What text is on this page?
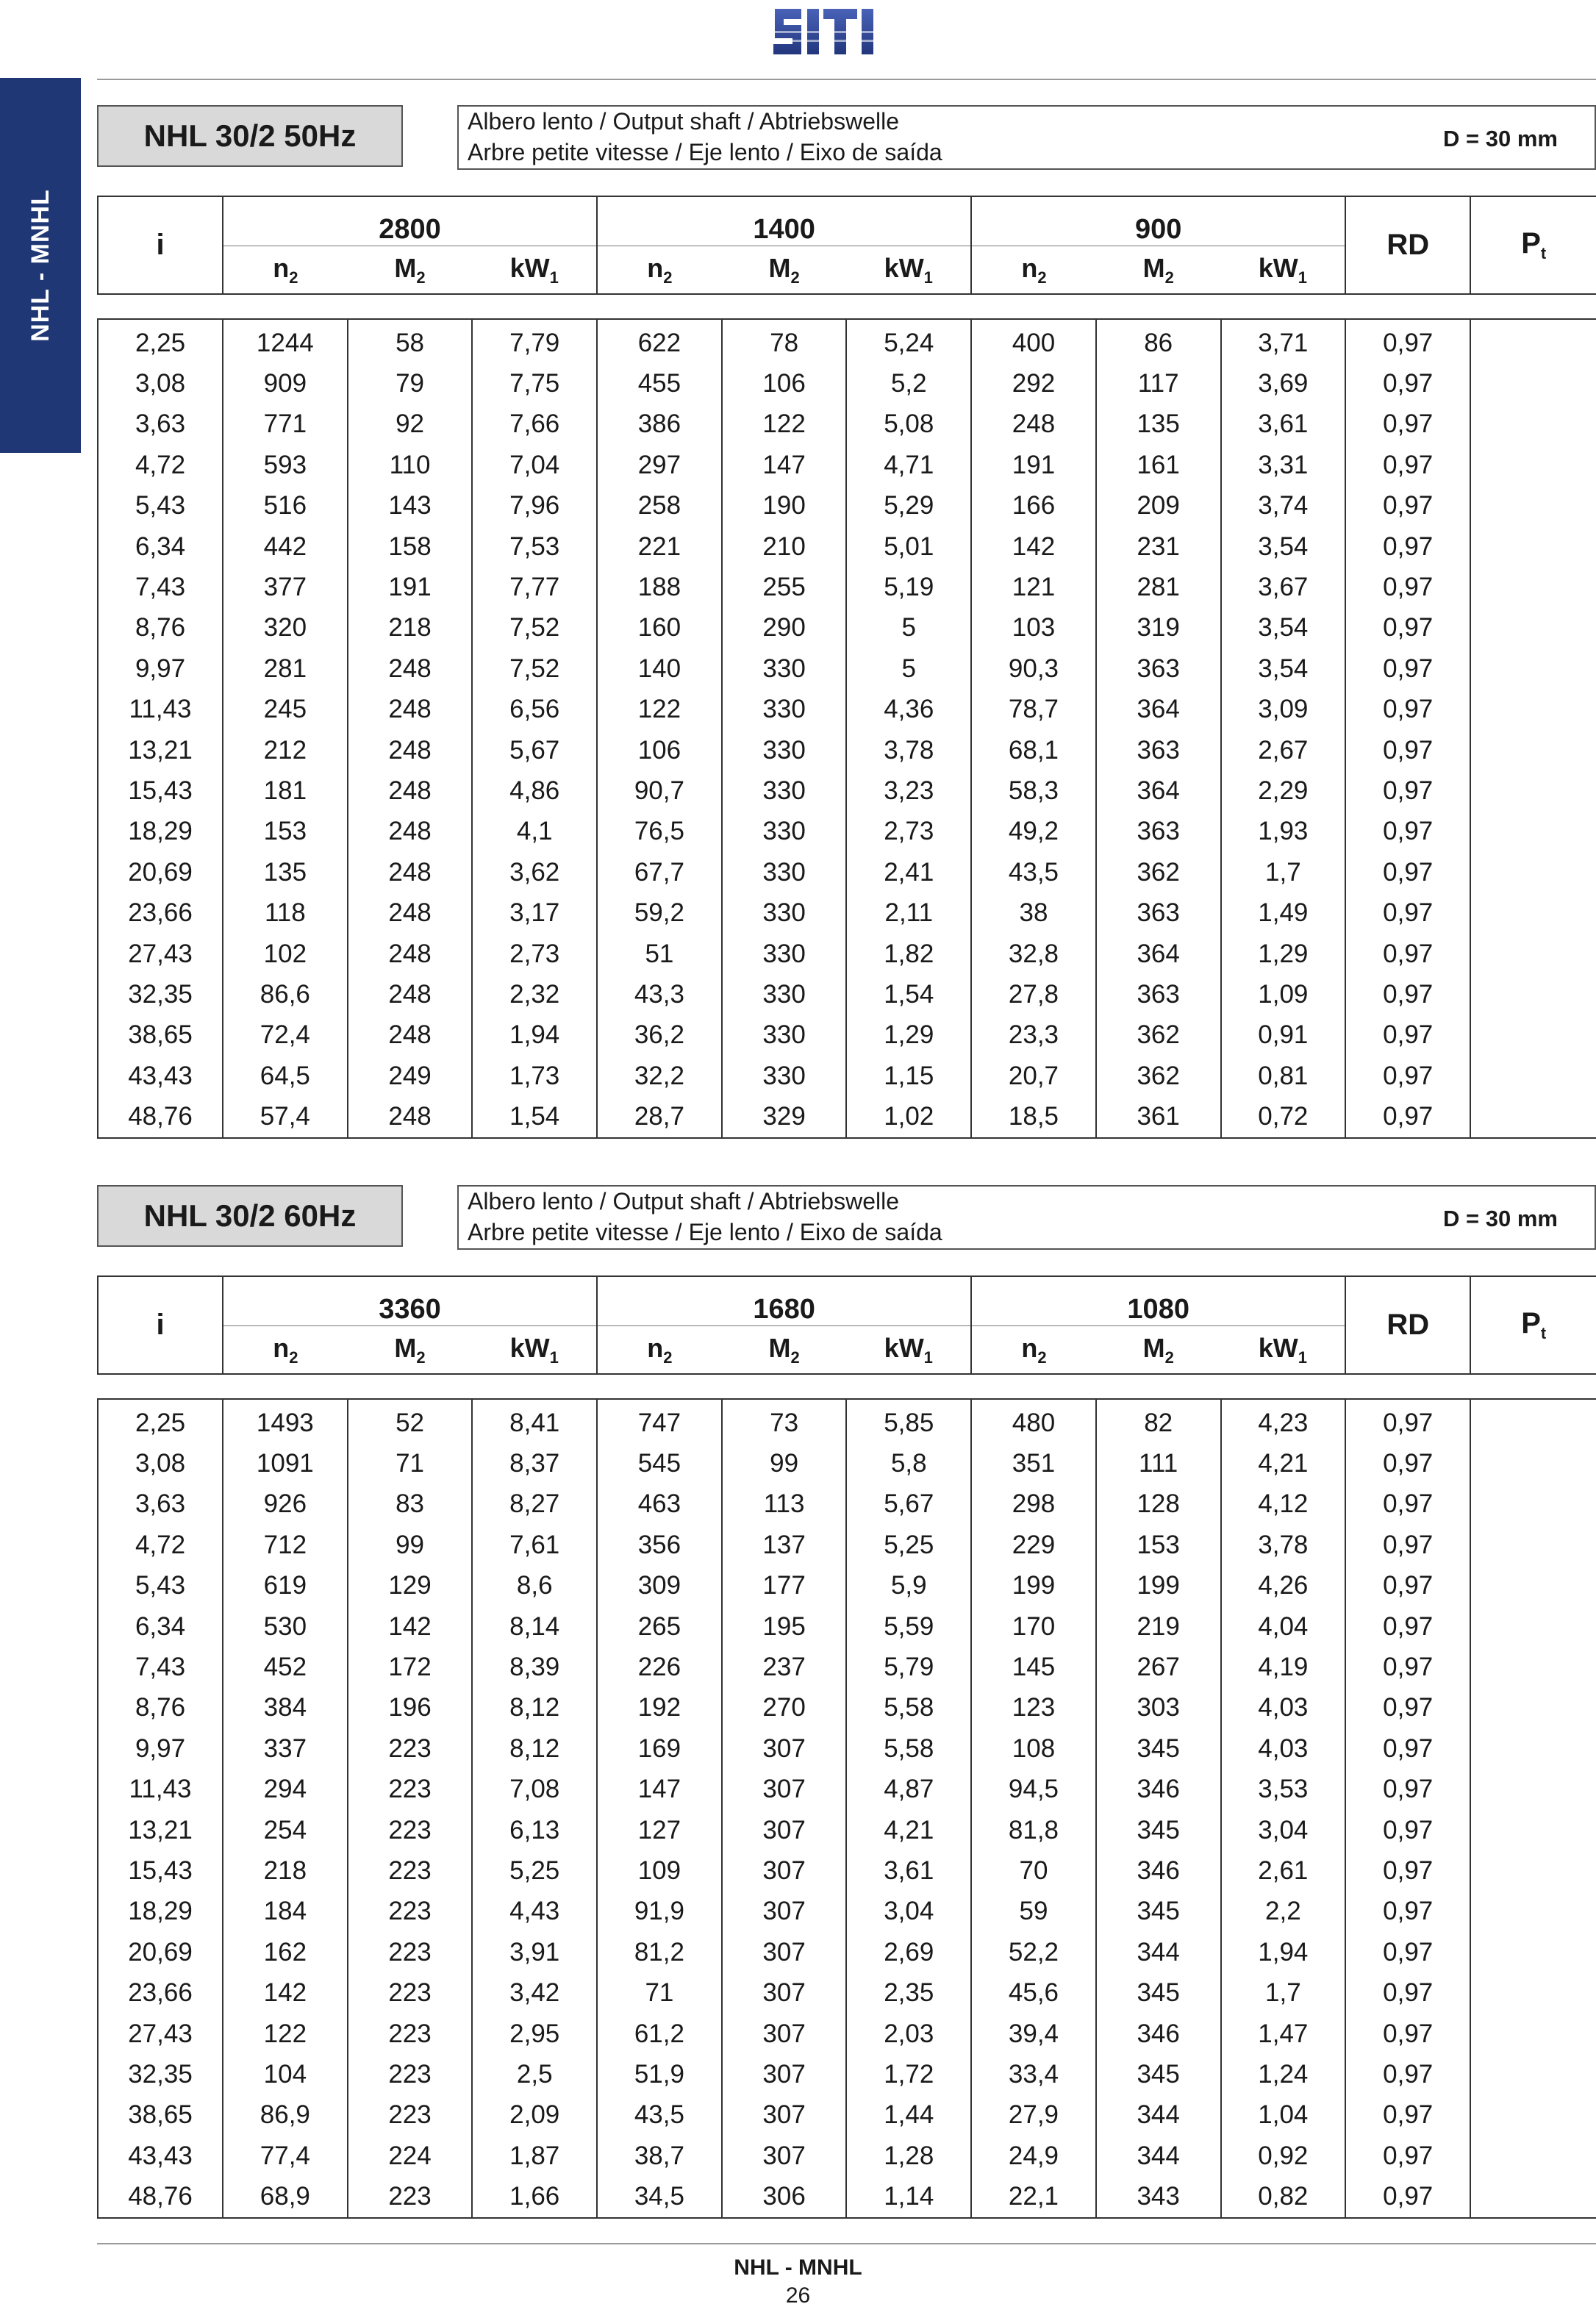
NHL - MNHL
NHL 30/2 50Hz	Albero lento / Output shaft / Abtriebswelle
Arbre petite vitesse / Eje lento / Eixo de saída
D = 30 mm
i	2800			1400			900			RD	$P_t$
	$n_2$	$M_2$	$kW_1$	$n_2$	$M_2$	$kW_1$	$n_2$	$M_2$	$kW_1$
2,25	1244	58	7,79	622	78	5,24	400	86	3,71	0,97	
3,08	909	79	7,75	455	106	5,2	292	117	3,69	0,97	
3,63	771	92	7,66	386	122	5,08	248	135	3,61	0,97	
4,72	593	110	7,04	297	147	4,71	191	161	3,31	0,97	
5,43	516	143	7,96	258	190	5,29	166	209	3,74	0,97	
6,34	442	158	7,53	221	210	5,01	142	231	3,54	0,97	
7,43	377	191	7,77	188	255	5,19	121	281	3,67	0,97	
8,76	320	218	7,52	160	290	5	103	319	3,54	0,97	
9,97	281	248	7,52	140	330	5	90,3	363	3,54	0,97	
11,43	245	248	6,56	122	330	4,36	78,7	364	3,09	0,97	
13,21	212	248	5,67	106	330	3,78	68,1	363	2,67	0,97	
15,43	181	248	4,86	90,7	330	3,23	58,3	364	2,29	0,97	
18,29	153	248	4,1	76,5	330	2,73	49,2	363	1,93	0,97	
20,69	135	248	3,62	67,7	330	2,41	43,5	362	1,7	0,97	
23,66	118	248	3,17	59,2	330	2,11	38	363	1,49	0,97	
27,43	102	248	2,73	51	330	1,82	32,8	364	1,29	0,97	
32,35	86,6	248	2,32	43,3	330	1,54	27,8	363	1,09	0,97	
38,65	72,4	248	1,94	36,2	330	1,29	23,3	362	0,91	0,97	
43,43	64,5	249	1,73	32,2	330	1,15	20,7	362	0,81	0,97	
48,76	57,4	248	1,54	28,7	329	1,02	18,5	361	0,72	0,97	
NHL 30/2 60Hz	Albero lento / Output shaft / Abtriebswelle
Arbre petite vitesse / Eje lento / Eixo de saída
D = 30 mm
i	3360			1680			1080			RD	$P_t$
	$n_2$	$M_2$	$kW_1$	$n_2$	$M_2$	$kW_1$	$n_2$	$M_2$	$kW_1$
2,25	1493	52	8,41	747	73	5,85	480	82	4,23	0,97	
3,08	1091	71	8,37	545	99	5,8	351	111	4,21	0,97	
3,63	926	83	8,27	463	113	5,67	298	128	4,12	0,97	
4,72	712	99	7,61	356	137	5,25	229	153	3,78	0,97	
5,43	619	129	8,6	309	177	5,9	199	199	4,26	0,97	
6,34	530	142	8,14	265	195	5,59	170	219	4,04	0,97	
7,43	452	172	8,39	226	237	5,79	145	267	4,19	0,97	
8,76	384	196	8,12	192	270	5,58	123	303	4,03	0,97	
9,97	337	223	8,12	169	307	5,58	108	345	4,03	0,97	
11,43	294	223	7,08	147	307	4,87	94,5	346	3,53	0,97	
13,21	254	223	6,13	127	307	4,21	81,8	345	3,04	0,97	
15,43	218	223	5,25	109	307	3,61	70	346	2,61	0,97	
18,29	184	223	4,43	91,9	307	3,04	59	345	2,2	0,97	
20,69	162	223	3,91	81,2	307	2,69	52,2	344	1,94	0,97	
23,66	142	223	3,42	71	307	2,35	45,6	345	1,7	0,97	
27,43	122	223	2,95	61,2	307	2,03	39,4	346	1,47	0,97	
32,35	104	223	2,5	51,9	307	1,72	33,4	345	1,24	0,97	
38,65	86,9	223	2,09	43,5	307	1,44	27,9	344	1,04	0,97	
43,43	77,4	224	1,87	38,7	307	1,28	24,9	344	0,92	0,97	
48,76	68,9	223	1,66	34,5	306	1,14	22,1	343	0,82	0,97	
NHL - MNHL
26
